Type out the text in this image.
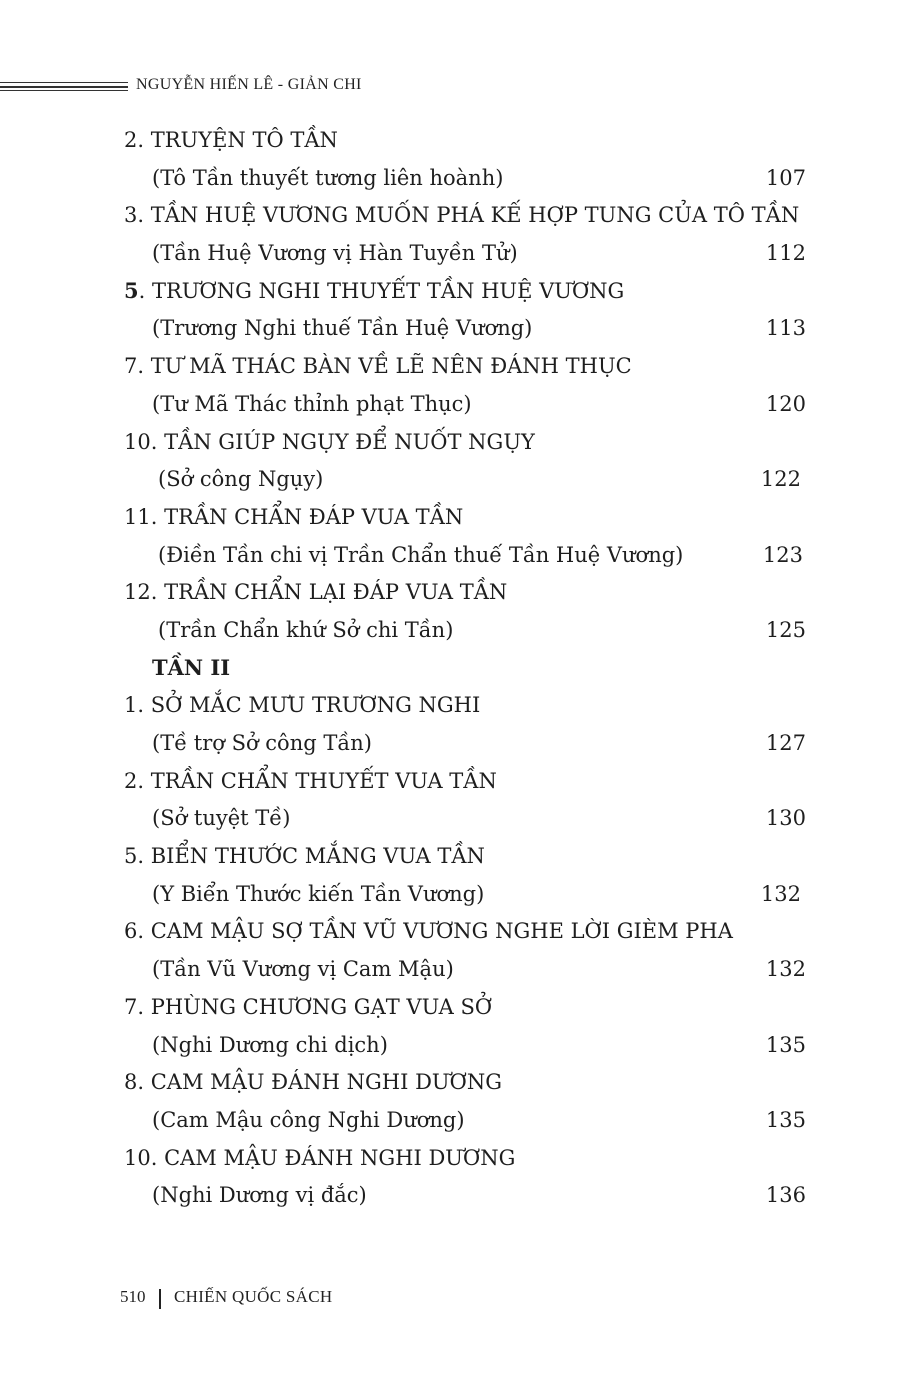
NGUYỄN HIẾN LÊ - GIẢN CHI
2. TRUYỆN TÔ TẦN
(Tô Tần thuyết tương liên hoành)	107
3. TẦN HUỆ VƯƠNG MUỐN PHÁ KẾ HỢP TUNG CỦA TÔ TẦN
(Tần Huệ Vương vị Hàn Tuyền Tử)	112
5. TRƯƠNG NGHI THUYẾT TẦN HUỆ VƯƠNG
(Trương Nghi thuế Tần Huệ Vương)	113
7. TƯ MÃ THÁC BÀN VỀ LẼ NÊN ĐÁNH THỤC
(Tư Mã Thác thỉnh phạt Thục)	120
10. TẦN GIÚP NGỤY ĐỂ NUỐT NGỤY
(Sở công Ngụy)	122
11. TRẦN CHẨN ĐÁP VUA TẦN
(Điền Tần chi vị Trần Chẩn thuế Tần Huệ Vương)	123
12. TRẦN CHẨN LẠI ĐÁP VUA TẦN
(Trần Chẩn khứ Sở chi Tần)	125
TẦN II
1. SỞ MẮC MƯU TRƯƠNG NGHI
(Tề trợ Sở công Tần)	127
2. TRẦN CHẨN THUYẾT VUA TẦN
(Sở tuyệt Tề)	130
5. BIỂN THƯỚC MẮNG VUA TẦN
(Y Biển Thước kiến Tần Vương)	132
6. CAM MẬU SỢ TẦN VŨ VƯƠNG NGHE LỜI GIÈM PHA
(Tần Vũ Vương vị Cam Mậu)	132
7. PHÙNG CHƯƠNG GẠT VUA SỞ
(Nghi Dương chi dịch)	135
8. CAM MẬU ĐÁNH NGHI DƯƠNG
(Cam Mậu công Nghi Dương)	135
10. CAM MẬU ĐÁNH NGHI DƯƠNG
(Nghi Dương vị đắc)	136
510 CHIẾN QUỐC SÁCH
